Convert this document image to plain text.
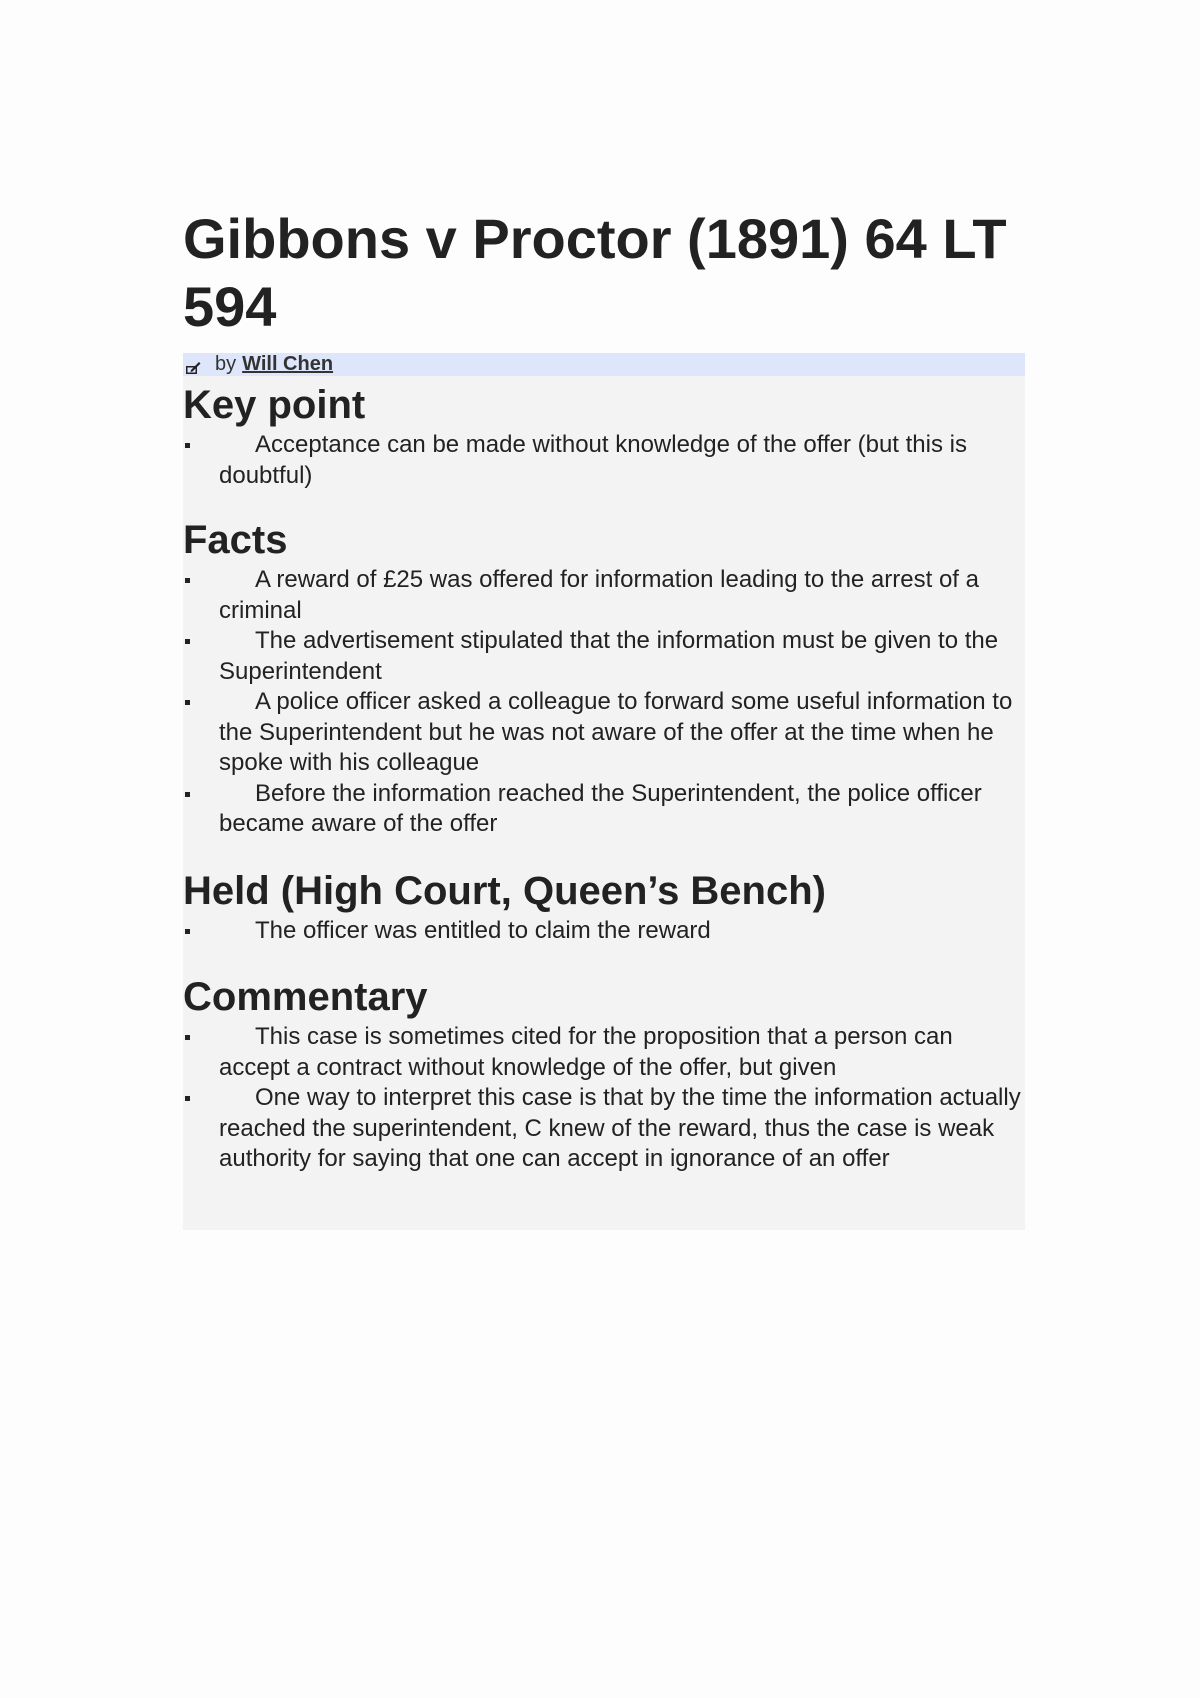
Gibbons v Proctor (1891) 64 LT 594
by Will Chen
Key point
Acceptance can be made without knowledge of the offer (but this is doubtful)
Facts
A reward of £25 was offered for information leading to the arrest of a criminal
The advertisement stipulated that the information must be given to the Superintendent
A police officer asked a colleague to forward some useful information to the Superintendent but he was not aware of the offer at the time when he spoke with his colleague
Before the information reached the Superintendent, the police officer became aware of the offer
Held (High Court, Queen’s Bench)
The officer was entitled to claim the reward
Commentary
This case is sometimes cited for the proposition that a person can accept a contract without knowledge of the offer, but given
One way to interpret this case is that by the time the information actually reached the superintendent, C knew of the reward, thus the case is weak authority for saying that one can accept in ignorance of an offer
